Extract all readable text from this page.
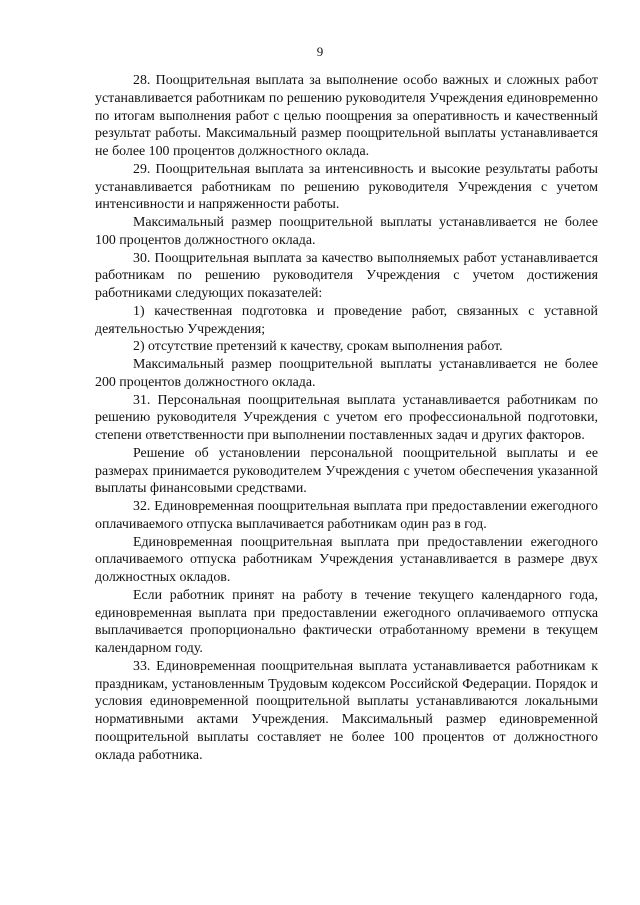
9

28. Поощрительная выплата за выполнение особо важных и сложных работ устанавливается работникам по решению руководителя Учреждения единовременно по итогам выполнения работ с целью поощрения за оперативность и качественный результат работы. Максимальный размер поощрительной выплаты устанавливается не более 100 процентов должностного оклада.

29. Поощрительная выплата за интенсивность и высокие результаты работы устанавливается работникам по решению руководителя Учреждения с учетом интенсивности и напряженности работы.

Максимальный размер поощрительной выплаты устанавливается не более 100 процентов должностного оклада.

30. Поощрительная выплата за качество выполняемых работ устанавливается работникам по решению руководителя Учреждения с учетом достижения работниками следующих показателей:

1) качественная подготовка и проведение работ, связанных с уставной деятельностью Учреждения;

2) отсутствие претензий к качеству, срокам выполнения работ.

Максимальный размер поощрительной выплаты устанавливается не более 200 процентов должностного оклада.

31. Персональная поощрительная выплата устанавливается работникам по решению руководителя Учреждения с учетом его профессиональной подготовки, степени ответственности при выполнении поставленных задач и других факторов.

Решение об установлении персональной поощрительной выплаты и ее размерах принимается руководителем Учреждения с учетом обеспечения указанной выплаты финансовыми средствами.

32. Единовременная поощрительная выплата при предоставлении ежегодного оплачиваемого отпуска выплачивается работникам один раз в год.

Единовременная поощрительная выплата при предоставлении ежегодного оплачиваемого отпуска работникам Учреждения устанавливается в размере двух должностных окладов.

Если работник принят на работу в течение текущего календарного года, единовременная выплата при предоставлении ежегодного оплачиваемого отпуска выплачивается пропорционально фактически отработанному времени в текущем календарном году.

33. Единовременная поощрительная выплата устанавливается работникам к праздникам, установленным Трудовым кодексом Российской Федерации. Порядок и условия единовременной поощрительной выплаты устанавливаются локальными нормативными актами Учреждения. Максимальный размер единовременной поощрительной выплаты составляет не более 100 процентов от должностного оклада работника.
